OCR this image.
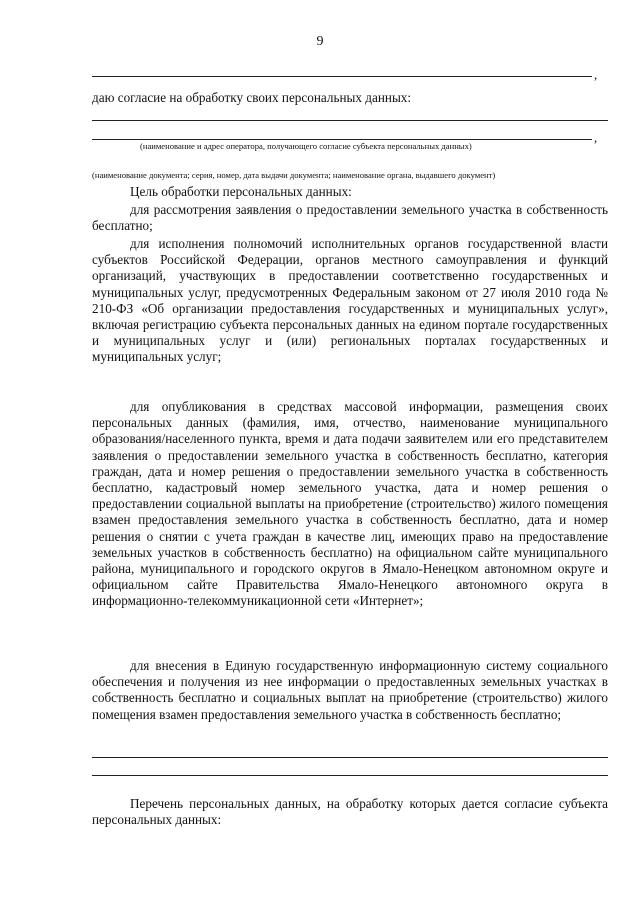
9
,
даю согласие на обработку своих персональных данных:
,
(наименование и адрес оператора, получающего согласие субъекта персональных данных)
(наименование документа; серия, номер, дата выдачи документа; наименование органа, выдавшего документ)
Цель обработки персональных данных:
для рассмотрения заявления о предоставлении земельного участка в собственность бесплатно;
для исполнения полномочий исполнительных органов государственной власти субъектов Российской Федерации, органов местного самоуправления и функций организаций, участвующих в предоставлении соответственно государственных и муниципальных услуг, предусмотренных Федеральным законом от 27 июля 2010 года № 210-ФЗ «Об организации предоставления государственных и муниципальных услуг», включая регистрацию субъекта персональных данных на едином портале государственных и муниципальных услуг и (или) региональных порталах государственных и муниципальных услуг;
для опубликования в средствах массовой информации, размещения своих персональных данных (фамилия, имя, отчество, наименование муниципального образования/населенного пункта, время и дата подачи заявителем или его представителем заявления о предоставлении земельного участка в собственность бесплатно, категория граждан, дата и номер решения о предоставлении земельного участка в собственность бесплатно, кадастровый номер земельного участка, дата и номер решения о предоставлении социальной выплаты на приобретение (строительство) жилого помещения взамен предоставления земельного участка в собственность бесплатно, дата и номер решения о снятии с учета граждан в качестве лиц, имеющих право на предоставление земельных участков в собственность бесплатно) на официальном сайте муниципального района, муниципального и городского округов в Ямало-Ненецком автономном округе и официальном сайте Правительства Ямало-Ненецкого автономного округа в информационно-телекоммуникационной сети «Интернет»;
для внесения в Единую государственную информационную систему социального обеспечения и получения из нее информации о предоставленных земельных участках в собственность бесплатно и социальных выплат на приобретение (строительство) жилого помещения взамен предоставления земельного участка в собственность бесплатно;
Перечень персональных данных, на обработку которых дается согласие субъекта персональных данных:
